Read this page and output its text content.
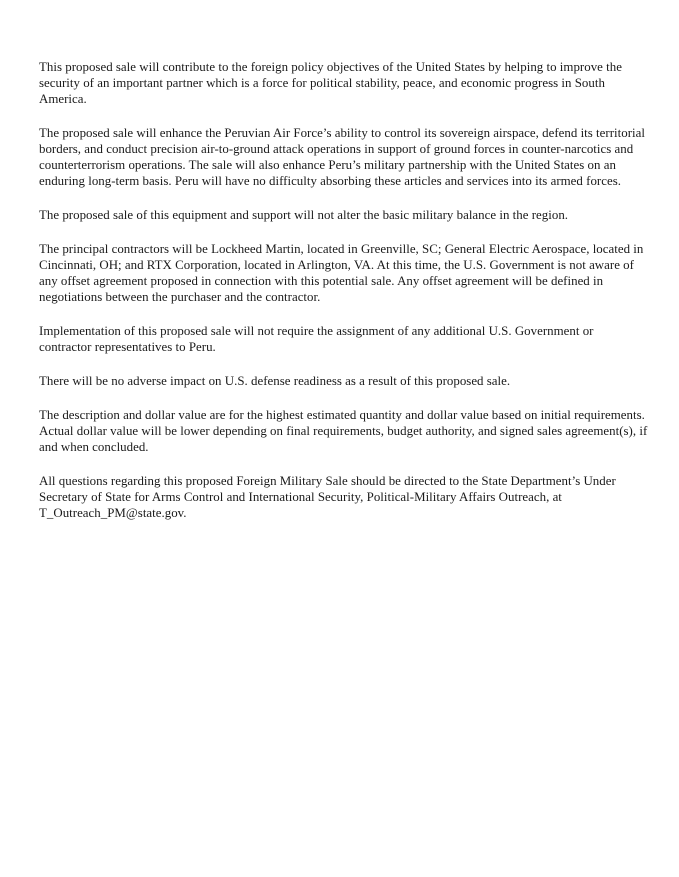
This proposed sale will contribute to the foreign policy objectives of the United States by helping to improve the security of an important partner which is a force for political stability, peace, and economic progress in South America.

The proposed sale will enhance the Peruvian Air Force’s ability to control its sovereign airspace, defend its territorial borders, and conduct precision air-to-ground attack operations in support of ground forces in counter-narcotics and counterterrorism operations. The sale will also enhance Peru’s military partnership with the United States on an enduring long-term basis. Peru will have no difficulty absorbing these articles and services into its armed forces.

The proposed sale of this equipment and support will not alter the basic military balance in the region.

The principal contractors will be Lockheed Martin, located in Greenville, SC; General Electric Aerospace, located in Cincinnati, OH; and RTX Corporation, located in Arlington, VA. At this time, the U.S. Government is not aware of any offset agreement proposed in connection with this potential sale. Any offset agreement will be defined in negotiations between the purchaser and the contractor.

Implementation of this proposed sale will not require the assignment of any additional U.S. Government or contractor representatives to Peru.

There will be no adverse impact on U.S. defense readiness as a result of this proposed sale.

The description and dollar value are for the highest estimated quantity and dollar value based on initial requirements. Actual dollar value will be lower depending on final requirements, budget authority, and signed sales agreement(s), if and when concluded.

All questions regarding this proposed Foreign Military Sale should be directed to the State Department’s Under Secretary of State for Arms Control and International Security, Political-Military Affairs Outreach, at T_Outreach_PM@state.gov.
